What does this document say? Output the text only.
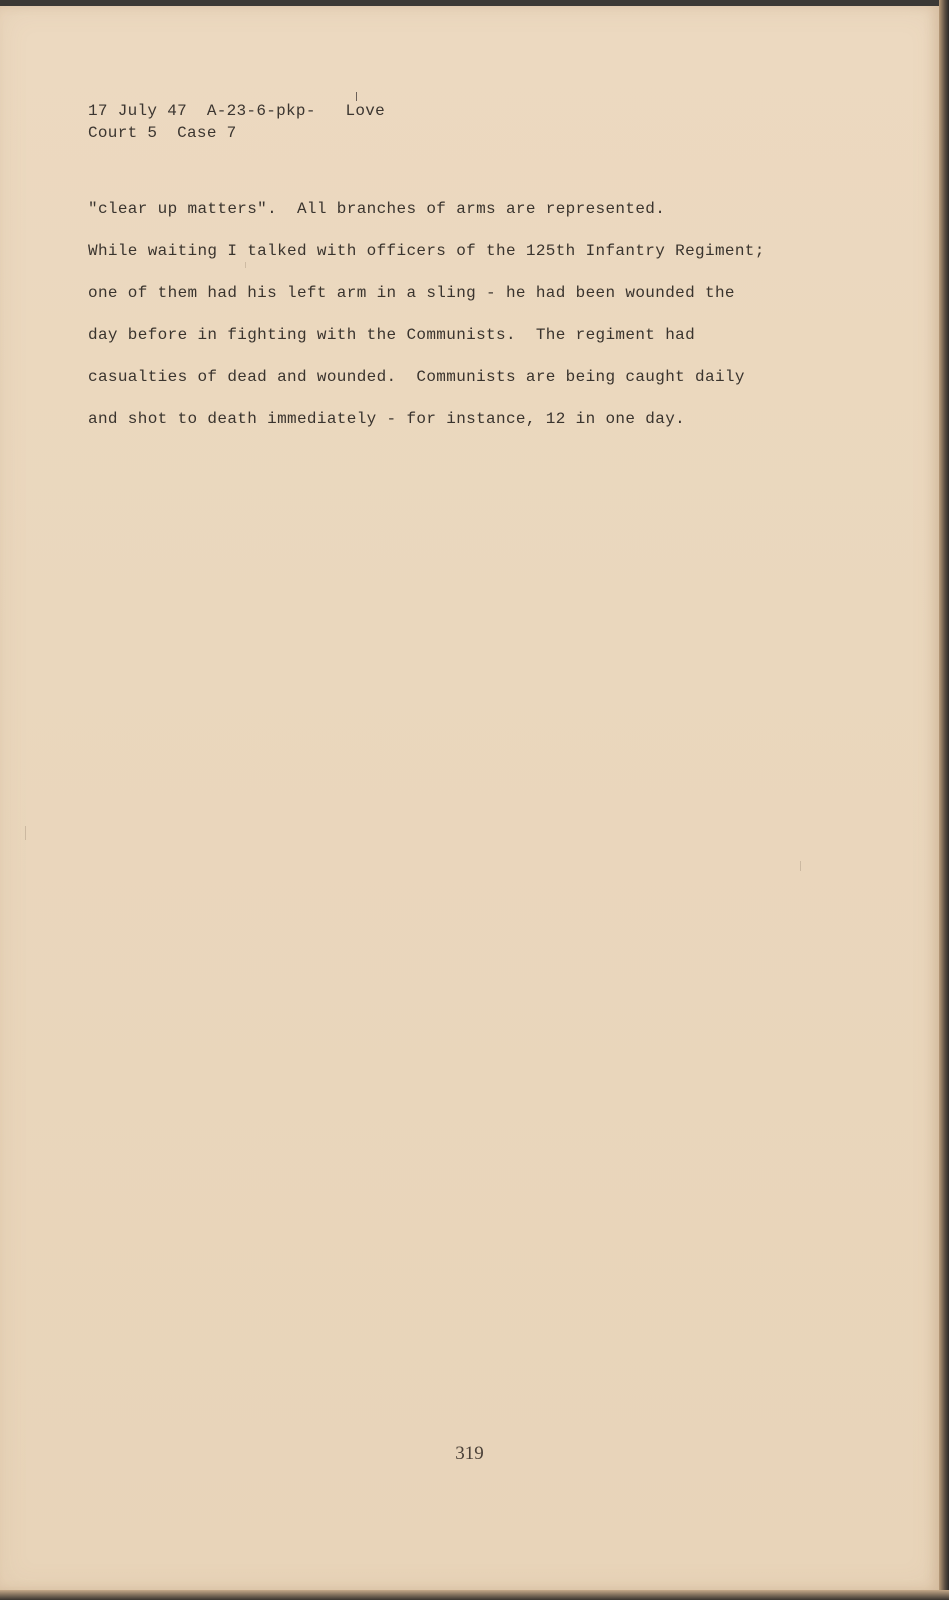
17 July 47  A-23-6-pkp-   Love
Court 5  Case 7
"clear up matters".  All branches of arms are represented.
While waiting I talked with officers of the 125th Infantry Regiment;
one of them had his left arm in a sling - he had been wounded the
day before in fighting with the Communists.  The regiment had
casualties of dead and wounded.  Communists are being caught daily
and shot to death immediately - for instance, 12 in one day.
319
